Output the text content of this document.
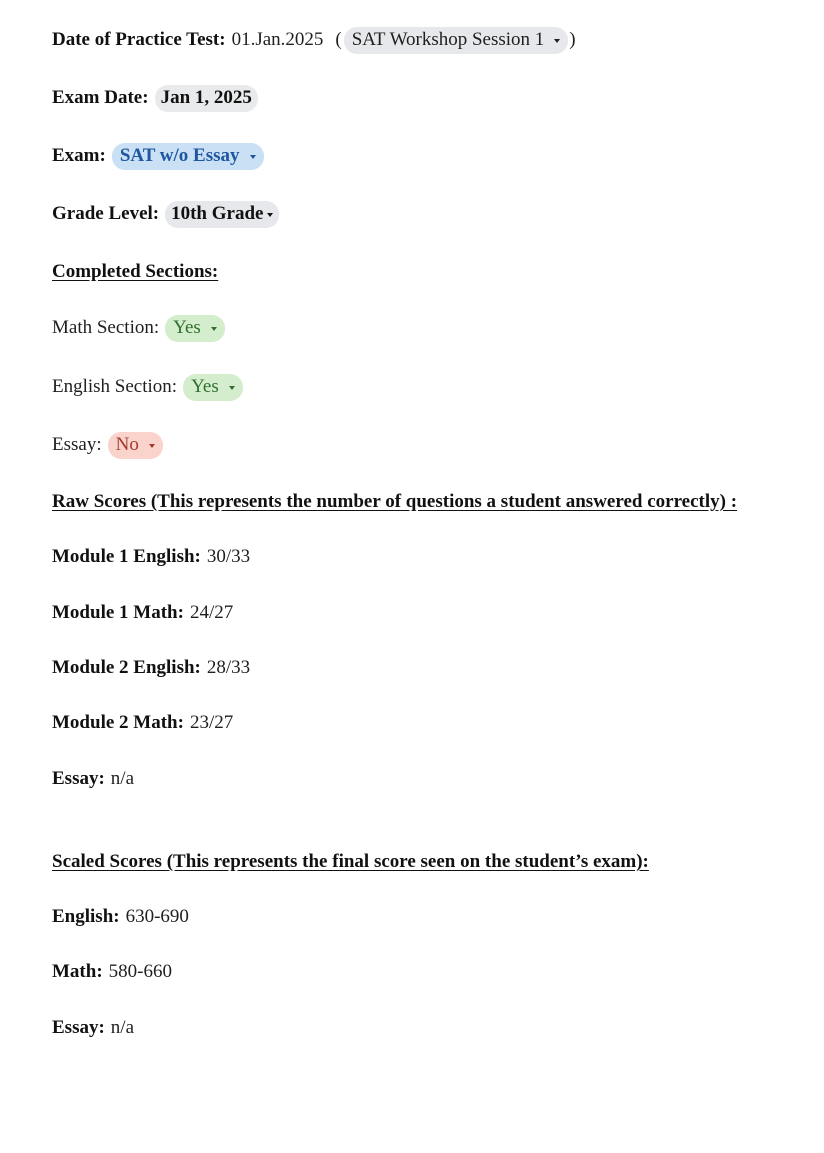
Date of Practice Test: 01.Jan.2025 ( SAT Workshop Session 1 )
Exam Date: Jan 1, 2025
Exam: SAT w/o Essay
Grade Level: 10th Grade
Completed Sections:
Math Section: Yes
English Section: Yes
Essay: No
Raw Scores (This represents the number of questions a student answered correctly) :
Module 1 English: 30/33
Module 1 Math: 24/27
Module 2 English: 28/33
Module 2 Math: 23/27
Essay: n/a
Scaled Scores (This represents the final score seen on the student’s exam):
English: 630-690
Math: 580-660
Essay: n/a
